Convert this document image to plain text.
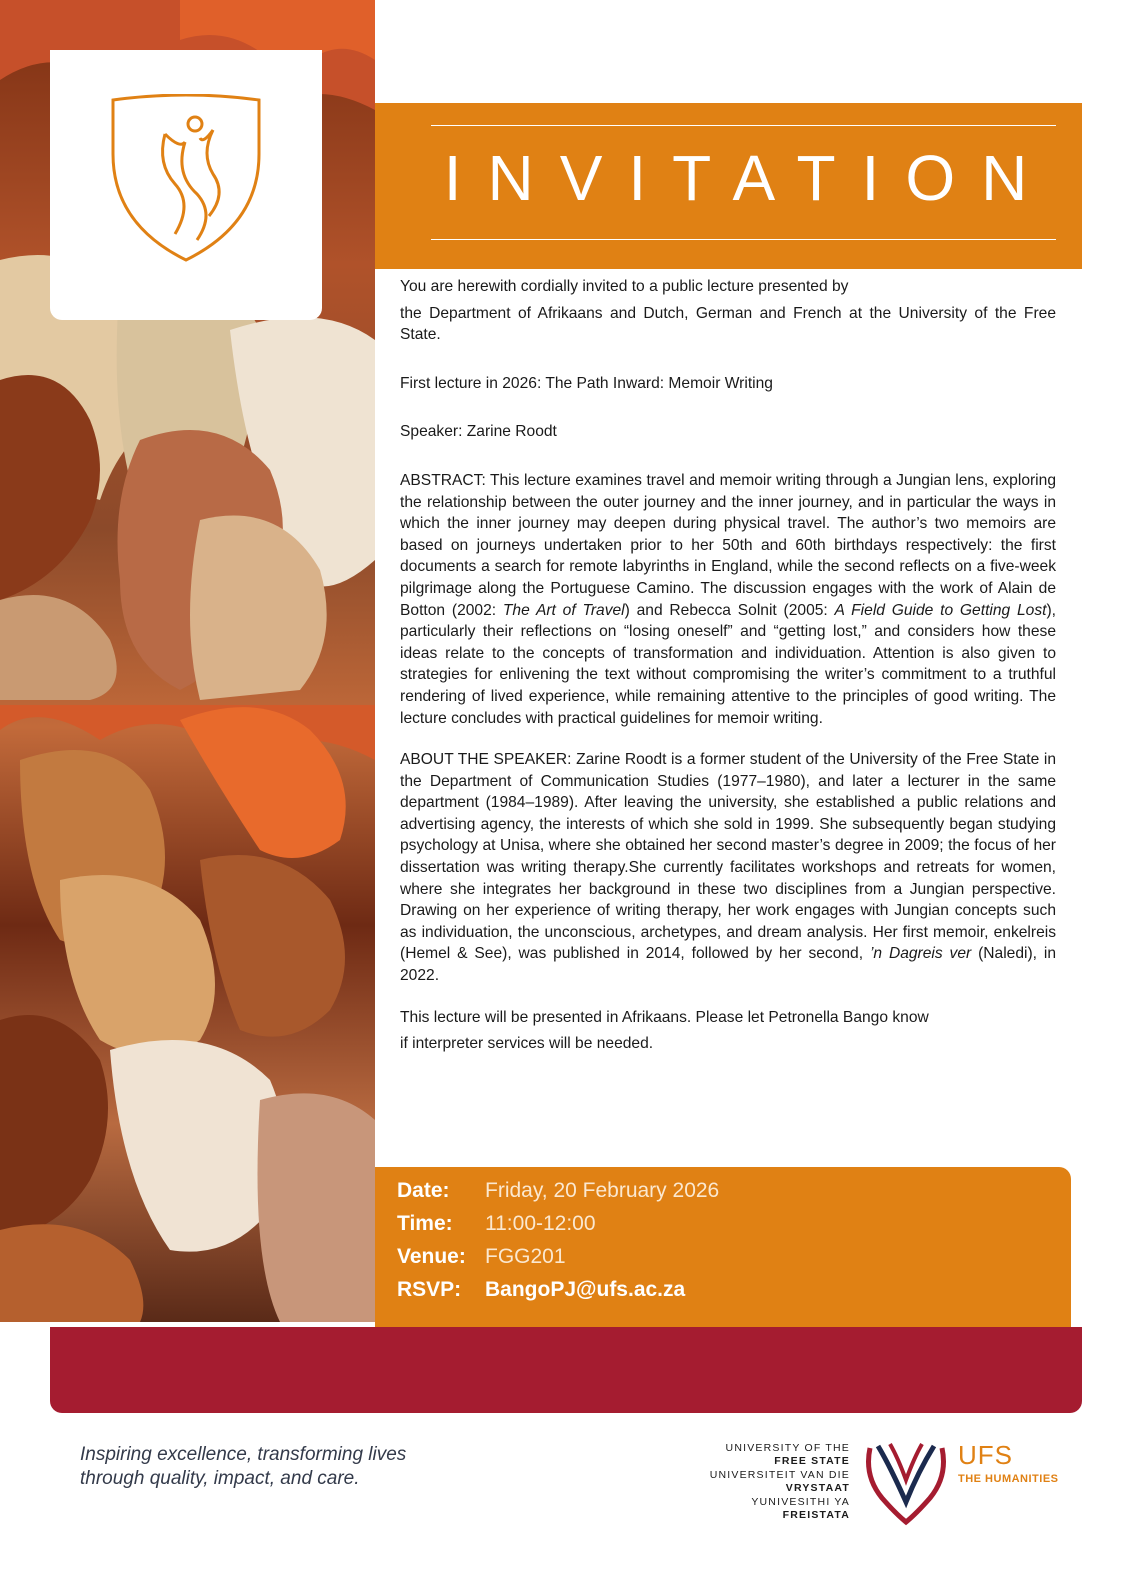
INVITATION

You are herewith cordially invited to a public lecture presented by

the Department of Afrikaans and Dutch, German and French at the University of the Free State.

First lecture in 2026: The Path Inward: Memoir Writing

Speaker: Zarine Roodt

ABSTRACT: This lecture examines travel and memoir writing through a Jungian lens, exploring the relationship between the outer journey and the inner journey, and in particular the ways in which the inner journey may deepen during physical travel. The author’s two memoirs are based on journeys undertaken prior to her 50th and 60th birthdays respectively: the first documents a search for remote labyrinths in England, while the second reflects on a five-week pilgrimage along the Portuguese Camino. The discussion engages with the work of Alain de Botton (2002: The Art of Travel) and Rebecca Solnit (2005: A Field Guide to Getting Lost), particularly their reflections on “losing oneself” and “getting lost,” and considers how these ideas relate to the concepts of transformation and individuation. Attention is also given to strategies for enlivening the text without compromising the writer’s commitment to a truthful rendering of lived experience, while remaining attentive to the principles of good writing. The lecture concludes with practical guidelines for memoir writing.

ABOUT THE SPEAKER: Zarine Roodt is a former student of the University of the Free State in the Department of Communication Studies (1977–1980), and later a lecturer in the same department (1984–1989). After leaving the university, she established a public relations and advertising agency, the interests of which she sold in 1999. She subsequently began studying psychology at Unisa, where she obtained her second master’s degree in 2009; the focus of her dissertation was writing therapy.She currently facilitates workshops and retreats for women, where she integrates her background in these two disciplines from a Jungian perspective. Drawing on her experience of writing therapy, her work engages with Jungian concepts such as individuation, the unconscious, archetypes, and dream analysis. Her first memoir, enkelreis (Hemel & See), was published in 2014, followed by her second, ’n Dagreis ver (Naledi), in 2022.

This lecture will be presented in Afrikaans. Please let Petronella Bango know

if interpreter services will be needed.

Date: Friday, 20 February 2026
Time: 11:00-12:00
Venue: FGG201
RSVP: BangoPJ@ufs.ac.za
Inspiring excellence, transforming lives
through quality, impact, and care.
UNIVERSITY OF THE
FREE STATE
UNIVERSITEIT VAN DIE
VRYSTAAT
YUNIVESITHI YA
FREISTATA
UFS
THE HUMANITIES
